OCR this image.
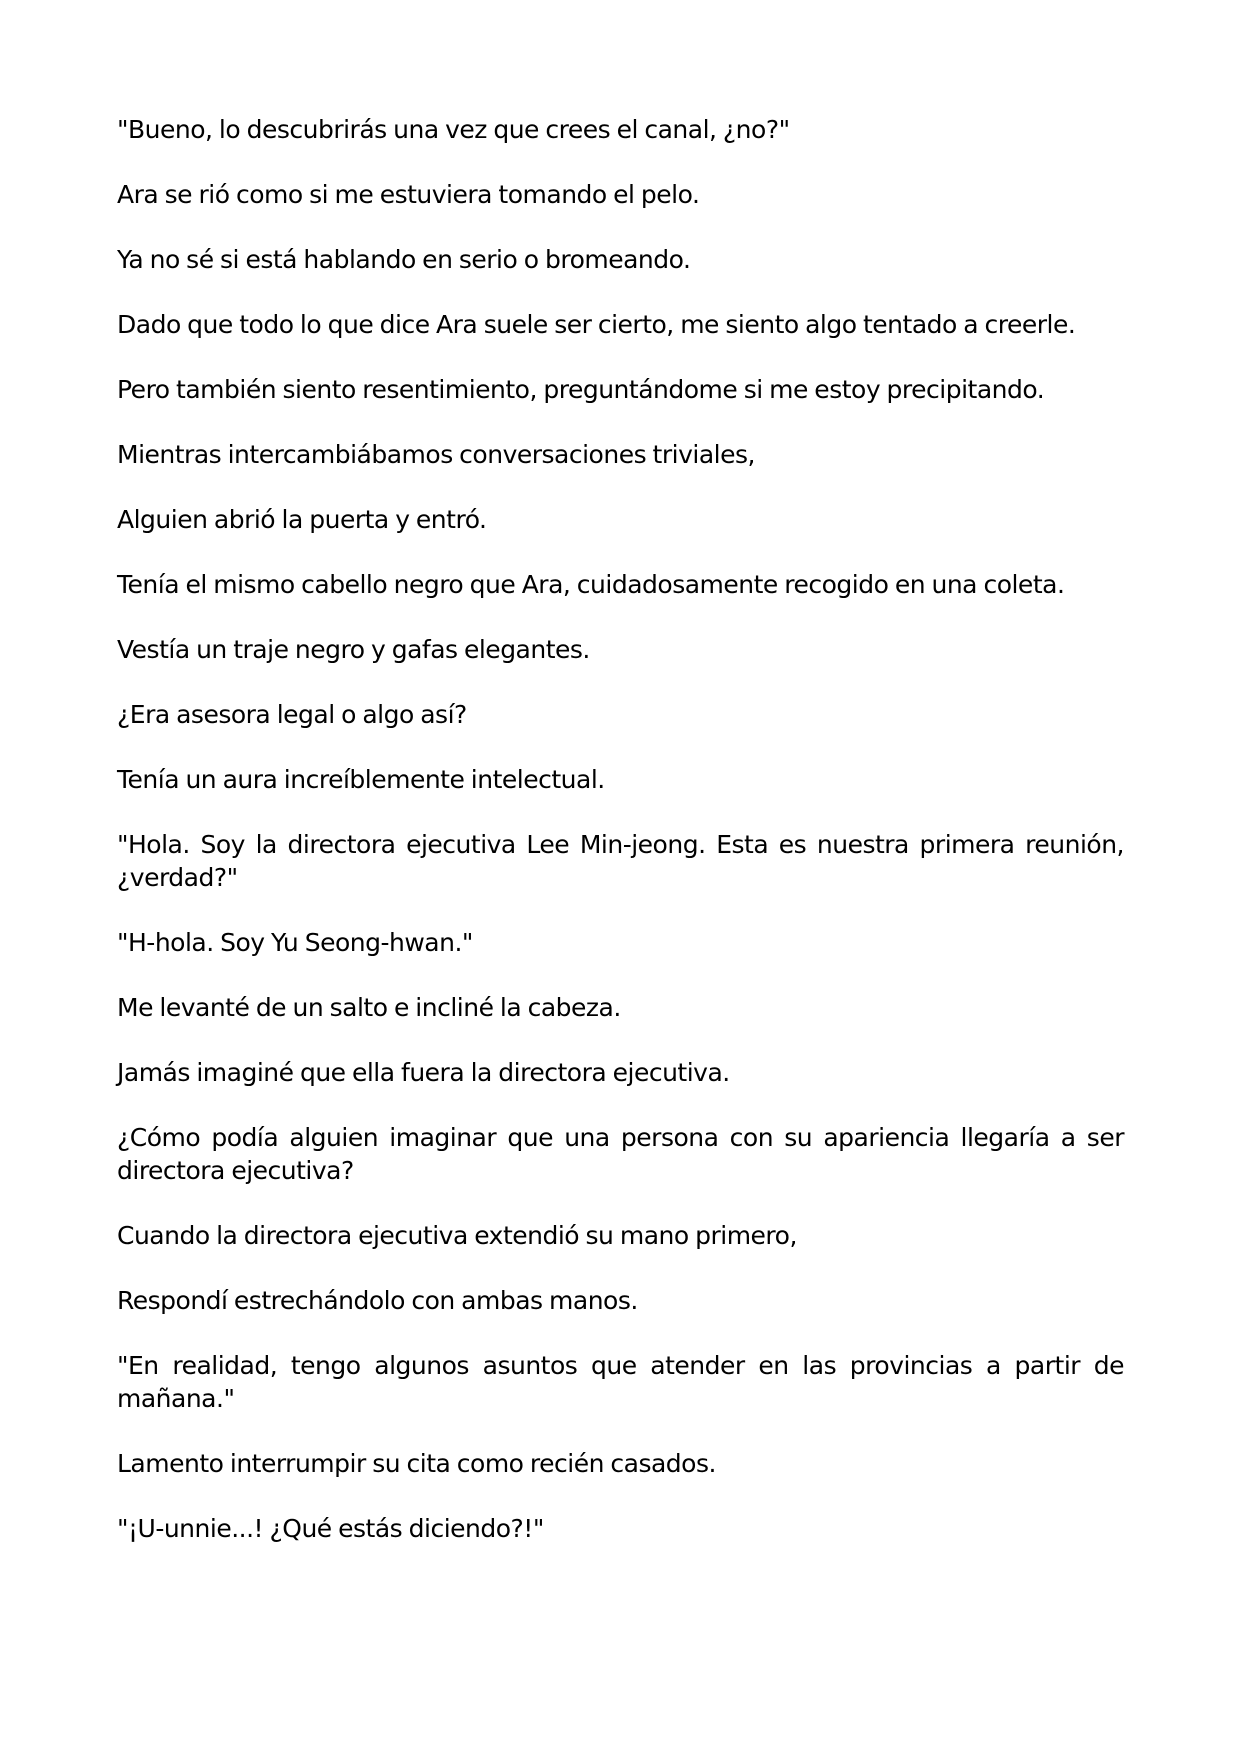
"Bueno, lo descubrirás una vez que crees el canal, ¿no?"

Ara se rió como si me estuviera tomando el pelo.

Ya no sé si está hablando en serio o bromeando.

Dado que todo lo que dice Ara suele ser cierto, me siento algo tentado a creerle.

Pero también siento resentimiento, preguntándome si me estoy precipitando.

Mientras intercambiábamos conversaciones triviales,

Alguien abrió la puerta y entró.

Tenía el mismo cabello negro que Ara, cuidadosamente recogido en una coleta.

Vestía un traje negro y gafas elegantes.

¿Era asesora legal o algo así?

Tenía un aura increíblemente intelectual.

"Hola. Soy la directora ejecutiva Lee Min-jeong. Esta es nuestra primera reunión, ¿verdad?"

"H-hola. Soy Yu Seong-hwan."

Me levanté de un salto e incliné la cabeza.

Jamás imaginé que ella fuera la directora ejecutiva.

¿Cómo podía alguien imaginar que una persona con su apariencia llegaría a ser directora ejecutiva?

Cuando la directora ejecutiva extendió su mano primero,

Respondí estrechándolo con ambas manos.

"En realidad, tengo algunos asuntos que atender en las provincias a partir de mañana."

Lamento interrumpir su cita como recién casados.

"¡U-unnie...! ¿Qué estás diciendo?!"
